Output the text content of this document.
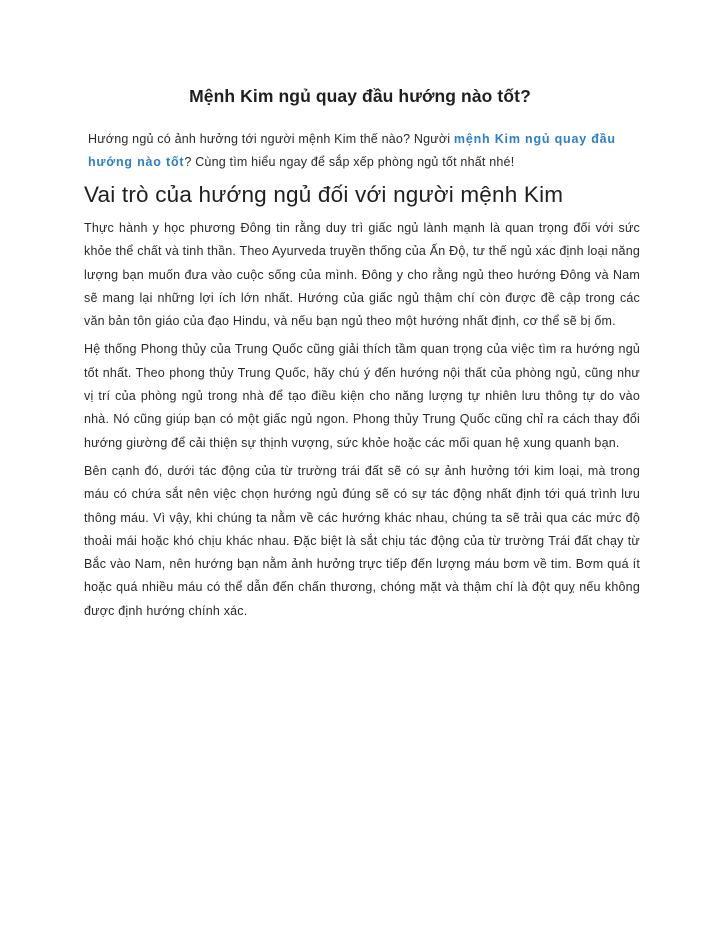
Mệnh Kim ngủ quay đầu hướng nào tốt?

Hướng ngủ có ảnh hưởng tới người mệnh Kim thế nào? Người mệnh Kim ngủ quay đầu hướng nào tốt? Cùng tìm hiểu ngay để sắp xếp phòng ngủ tốt nhất nhé!

Vai trò của hướng ngủ đối với người mệnh Kim

Thực hành y học phương Đông tin rằng duy trì giấc ngủ lành mạnh là quan trọng đối với sức khỏe thể chất và tinh thần. Theo Ayurveda truyền thống của Ấn Độ, tư thế ngủ xác định loại năng lượng bạn muốn đưa vào cuộc sống của mình. Đông y cho rằng ngủ theo hướng Đông và Nam sẽ mang lại những lợi ích lớn nhất. Hướng của giấc ngủ thậm chí còn được đề cập trong các văn bản tôn giáo của đạo Hindu, và nếu bạn ngủ theo một hướng nhất định, cơ thể sẽ bị ốm.

Hệ thống Phong thủy của Trung Quốc cũng giải thích tầm quan trọng của việc tìm ra hướng ngủ tốt nhất. Theo phong thủy Trung Quốc, hãy chú ý đến hướng nội thất của phòng ngủ, cũng như vị trí của phòng ngủ trong nhà để tạo điều kiện cho năng lượng tự nhiên lưu thông tự do vào nhà. Nó cũng giúp bạn có một giấc ngủ ngon. Phong thủy Trung Quốc cũng chỉ ra cách thay đổi hướng giường để cải thiện sự thịnh vượng, sức khỏe hoặc các mối quan hệ xung quanh bạn.

Bên cạnh đó, dưới tác động của từ trường trái đất sẽ có sự ảnh hưởng tới kim loại, mà trong máu có chứa sắt nên việc chọn hướng ngủ đúng sẽ có sự tác động nhất định tới quá trình lưu thông máu. Vì vậy, khi chúng ta nằm về các hướng khác nhau, chúng ta sẽ trải qua các mức độ thoải mái hoặc khó chịu khác nhau. Đặc biệt là sắt chịu tác động của từ trường Trái đất chạy từ Bắc vào Nam, nên hướng bạn nằm ảnh hưởng trực tiếp đến lượng máu bơm về tim. Bơm quá ít hoặc quá nhiều máu có thể dẫn đến chấn thương, chóng mặt và thậm chí là đột quỵ nếu không được định hướng chính xác.
